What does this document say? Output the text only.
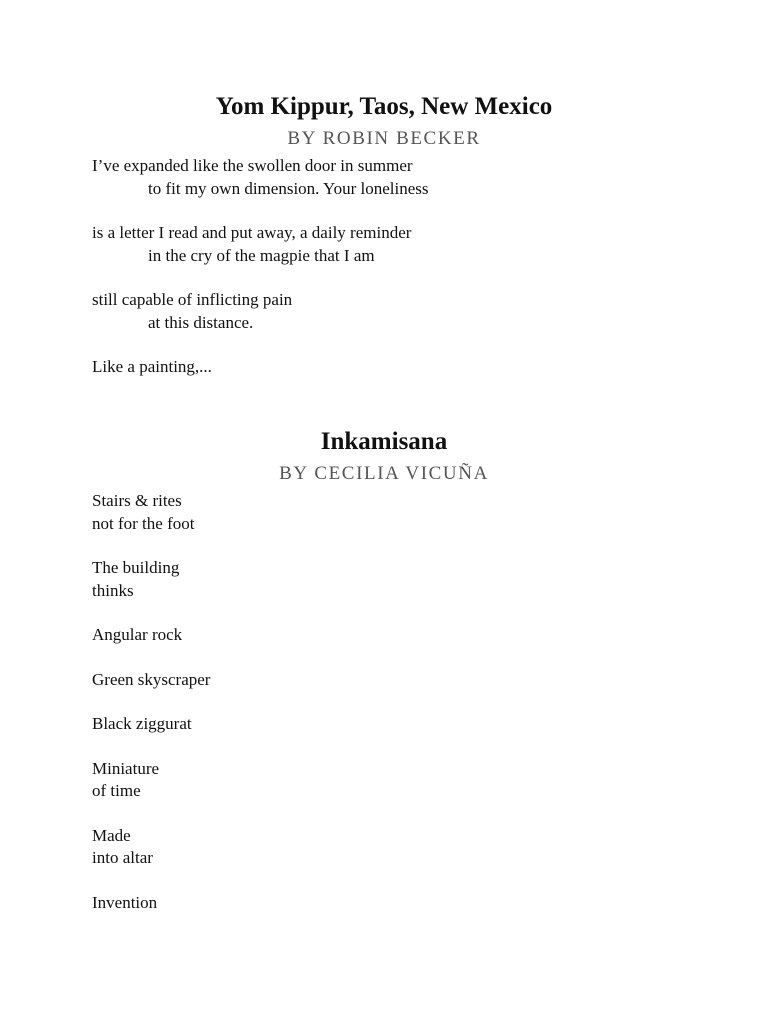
Yom Kippur, Taos, New Mexico
BY ROBIN BECKER
I’ve expanded like the swollen door in summer
to fit my own dimension. Your loneliness
is a letter I read and put away, a daily reminder
in the cry of the magpie that I am
still capable of inflicting pain
at this distance.
Like a painting,...
Inkamisana
BY CECILIA VICUÑA
Stairs & rites
not for the foot
The building
thinks
Angular rock
Green skyscraper
Black ziggurat
Miniature
of time
Made
into altar
Invention
